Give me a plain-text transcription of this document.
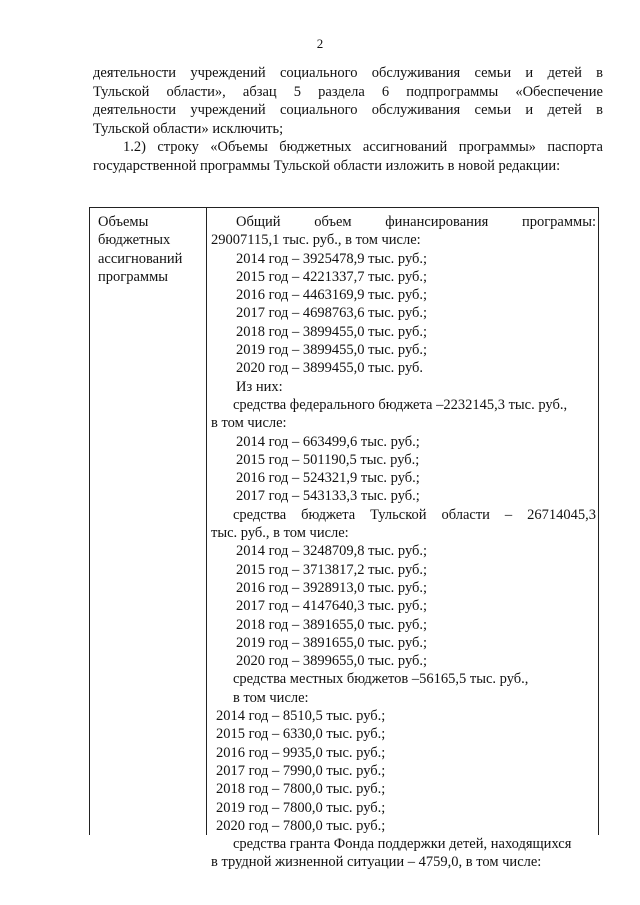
2
деятельности учреждений социального обслуживания семьи и детей в
Тульской области», абзац 5 раздела 6 подпрограммы «Обеспечение
деятельности учреждений социального обслуживания семьи и детей в
Тульской области» исключить;
1.2) строку «Объемы бюджетных ассигнований программы» паспорта
государственной программы Тульской области изложить в новой редакции:
Объемы
бюджетных
ассигнований
программы
Общий объем финансирования программы:
29007115,1 тыс. руб., в том числе:
2014 год – 3925478,9 тыс. руб.;
2015 год – 4221337,7 тыс. руб.;
2016 год – 4463169,9 тыс. руб.;
2017 год – 4698763,6 тыс. руб.;
2018 год – 3899455,0 тыс. руб.;
2019 год – 3899455,0 тыс. руб.;
2020 год – 3899455,0 тыс. руб.
Из них:
средства федерального бюджета –2232145,3 тыс. руб.,
в том числе:
2014 год – 663499,6 тыс. руб.;
2015 год – 501190,5 тыс. руб.;
2016 год – 524321,9 тыс. руб.;
2017 год – 543133,3 тыс. руб.;
средства бюджета Тульской области – 26714045,3
тыс. руб., в том числе:
2014 год – 3248709,8 тыс. руб.;
2015 год – 3713817,2 тыс. руб.;
2016 год – 3928913,0 тыс. руб.;
2017 год – 4147640,3 тыс. руб.;
2018 год – 3891655,0 тыс. руб.;
2019 год – 3891655,0 тыс. руб.;
2020 год – 3899655,0 тыс. руб.;
средства местных бюджетов –56165,5 тыс. руб.,
в том числе:
2014 год – 8510,5 тыс. руб.;
2015 год – 6330,0 тыс. руб.;
2016 год – 9935,0 тыс. руб.;
2017 год – 7990,0 тыс. руб.;
2018 год – 7800,0 тыс. руб.;
2019 год – 7800,0 тыс. руб.;
2020 год – 7800,0 тыс. руб.;
средства гранта Фонда поддержки детей, находящихся
в трудной жизненной ситуации – 4759,0, в том числе:
